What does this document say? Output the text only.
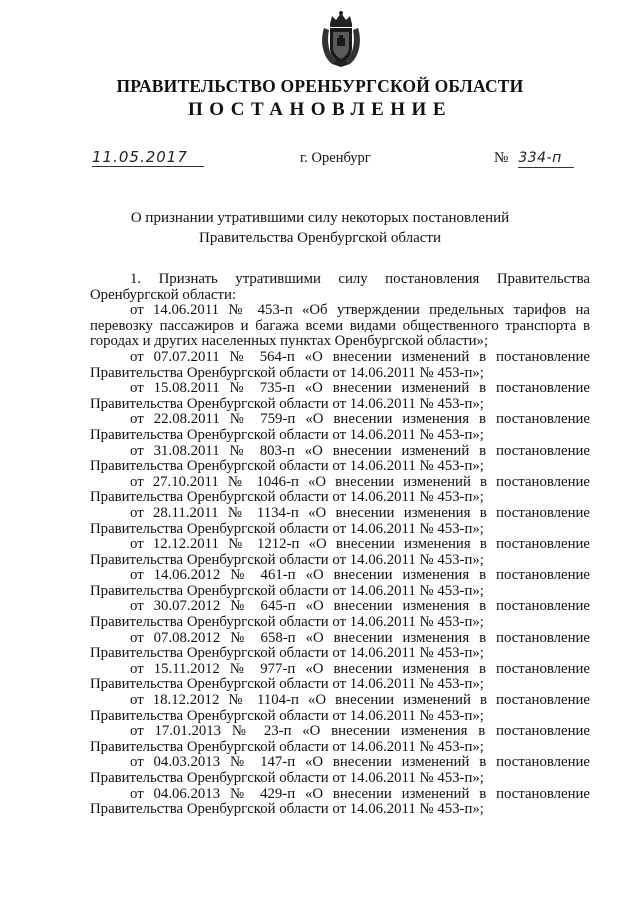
ПРАВИТЕЛЬСТВО ОРЕНБУРГСКОЙ ОБЛАСТИ
ПОСТАНОВЛЕНИЕ
11.05.2017	г. Оренбург	№ 334-п
О признании утратившими силу некоторых постановлений
Правительства Оренбургской области
1. Признать утратившими силу постановления Правительства
Оренбургской области:
от 14.06.2011 № 453-п «Об утверждении предельных тарифов на
перевозку пассажиров и багажа всеми видами общественного транспорта в
городах и других населенных пунктах Оренбургской области»;
от 07.07.2011 № 564-п «О внесении изменений в постановление
Правительства Оренбургской области от 14.06.2011 № 453-п»;
от 15.08.2011 № 735-п «О внесении изменений в постановление
Правительства Оренбургской области от 14.06.2011 № 453-п»;
от 22.08.2011 № 759-п «О внесении изменения в постановление
Правительства Оренбургской области от 14.06.2011 № 453-п»;
от 31.08.2011 № 803-п «О внесении изменений в постановление
Правительства Оренбургской области от 14.06.2011 № 453-п»;
от 27.10.2011 № 1046-п «О внесении изменений в постановление
Правительства Оренбургской области от 14.06.2011 № 453-п»;
от 28.11.2011 № 1134-п «О внесении изменения в постановление
Правительства Оренбургской области от 14.06.2011 № 453-п»;
от 12.12.2011 № 1212-п «О внесении изменения в постановление
Правительства Оренбургской области от 14.06.2011 № 453-п»;
от 14.06.2012 № 461-п «О внесении изменения в постановление
Правительства Оренбургской области от 14.06.2011 № 453-п»;
от 30.07.2012 № 645-п «О внесении изменения в постановление
Правительства Оренбургской области от 14.06.2011 № 453-п»;
от 07.08.2012 № 658-п «О внесении изменения в постановление
Правительства Оренбургской области от 14.06.2011 № 453-п»;
от 15.11.2012 № 977-п «О внесении изменения в постановление
Правительства Оренбургской области от 14.06.2011 № 453-п»;
от 18.12.2012 № 1104-п «О внесении изменений в постановление
Правительства Оренбургской области от 14.06.2011 № 453-п»;
от 17.01.2013 № 23-п «О внесении изменения в постановление
Правительства Оренбургской области от 14.06.2011 № 453-п»;
от 04.03.2013 № 147-п «О внесении изменений в постановление
Правительства Оренбургской области от 14.06.2011 № 453-п»;
от 04.06.2013 № 429-п «О внесении изменений в постановление
Правительства Оренбургской области от 14.06.2011 № 453-п»;
